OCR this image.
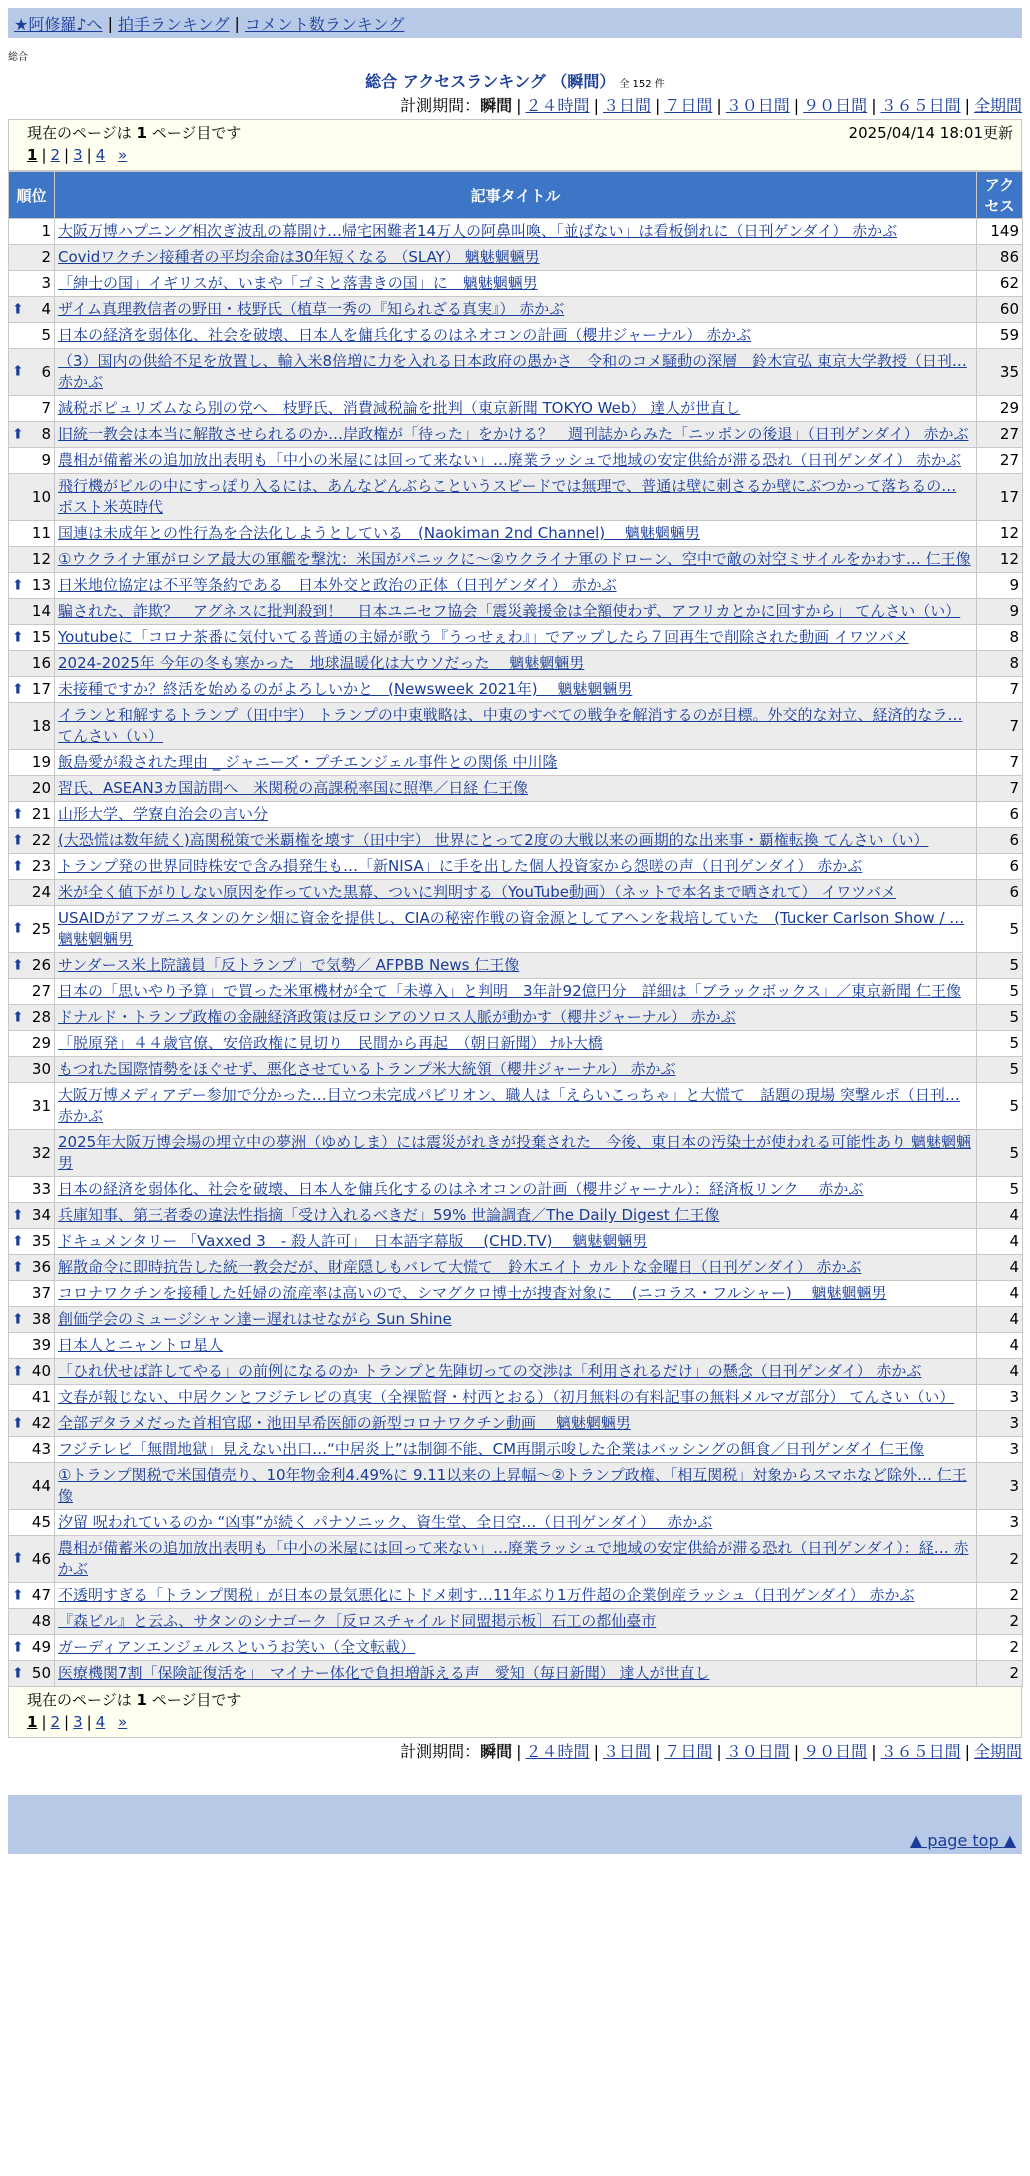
★阿修羅♪へ | 拍手ランキング | コメント数ランキング
総合
総合 アクセスランキング （瞬間） 全 152 件
計測期間：瞬間 | ２４時間 | ３日間 | ７日間 | ３０日間 | ９０日間 | ３６５日間 | 全期間
現在のページは 1 ページ目です	2025/04/14 18:01更新
1 | 2 | 3 | 4 »
順位	記事タイトル	アクセス
1	大阪万博ハプニング相次ぎ波乱の幕開け…帰宅困難者14万人の阿鼻叫喚、「並ばない」は看板倒れに（日刊ゲンダイ） 赤かぶ	149
2	Covidワクチン接種者の平均余命は30年短くなる （SLAY） 魑魅魍魎男	86
3	「紳士の国」イギリスが、いまや「ゴミと落書きの国」に　魑魅魍魎男	62

⬆ 4	ザイム真理教信者の野田・枝野氏（植草一秀の『知られざる真実』） 赤かぶ	60
5	日本の経済を弱体化、社会を破壊、日本人を傭兵化するのはネオコンの計画（櫻井ジャーナル） 赤かぶ	59

⬆ 6	（3）国内の供給不足を放置し、輸入米8倍増に力を入れる日本政府の愚かさ　令和のコメ騒動の深層　鈴木宣弘 東京大学教授（日刊… 赤かぶ	35
7	減税ポピュリズムなら別の党へ　枝野氏、消費減税論を批判（東京新聞 TOKYO Web） 達人が世直し	29

⬆ 8	旧統一教会は本当に解散させられるのか…岸政権が「待った」をかける？　週刊誌からみた「ニッポンの後退」（日刊ゲンダイ） 赤かぶ	27
9	農相が備蓄米の追加放出表明も「中小の米屋には回って来ない」…廃業ラッシュで地域の安定供給が滞る恐れ（日刊ゲンダイ） 赤かぶ	27
10	飛行機がビルの中にすっぽり入るには、あんなどんぶらこというスピードでは無理で、普通は壁に刺さるか壁にぶつかって落ちるの… ポスト米英時代	17
11	国連は未成年との性行為を合法化しようとしている　(Naokiman 2nd Channel)　 魑魅魍魎男	12
12	①ウクライナ軍がロシア最大の軍艦を撃沈：米国がパニックに～②ウクライナ軍のドローン、空中で敵の対空ミサイルをかわす… 仁王像	12

⬆ 13	日米地位協定は不平等条約である　日本外交と政治の正体（日刊ゲンダイ） 赤かぶ	9
14	騙された、詐欺？　アグネスに批判殺到！　日本ユニセフ協会「震災義援金は全額使わず、アフリカとかに回すから」 てんさい（い）	9

⬆ 15	Youtubeに「コロナ茶番に気付いてる普通の主婦が歌う『うっせぇわ』」でアップしたら７回再生で削除された動画 イワツバメ	8
16	2024-2025年 今年の冬も寒かった　地球温暖化は大ウソだった　 魑魅魍魎男	8

⬆ 17	未接種ですか？終活を始めるのがよろしいかと　(Newsweek 2021年)　 魑魅魍魎男	7
18	イランと和解するトランプ（田中宇） トランプの中東戦略は、中東のすべての戦争を解消するのが目標。外交的な対立、経済的なラ… てんさい（い）	7
19	飯島愛が殺された理由 _ ジャニーズ・プチエンジェル事件との関係 中川隆	7
20	習氏、ASEAN3カ国訪問へ　米関税の高課税率国に照準／日経 仁王像	7

⬆ 21	山形大学、学寮自治会の言い分	6

⬆ 22	(大恐慌は数年続く)高関税策で米覇権を壊す（田中宇） 世界にとって2度の大戦以来の画期的な出来事・覇権転換 てんさい（い）	6

⬆ 23	トランプ発の世界同時株安で含み損発生も…「新NISA」に手を出した個人投資家から怨嗟の声（日刊ゲンダイ） 赤かぶ	6
24	米が全く値下がりしない原因を作っていた黒幕、ついに判明する（YouTube動画）（ネットで本名まで晒されて） イワツバメ	6

⬆ 25	USAIDがアフガニスタンのケシ畑に資金を提供し、CIAの秘密作戦の資金源としてアヘンを栽培していた　(Tucker Carlson Show / … 魑魅魍魎男	5

⬆ 26	サンダース米上院議員「反トランプ」で気勢／ AFPBB News 仁王像	5
27	日本の「思いやり予算」で買った米軍機材が全て「未導入」と判明　3年計92億円分　詳細は「ブラックボックス」／東京新聞 仁王像	5

⬆ 28	ドナルド・トランプ政権の金融経済政策は反ロシアのソロス人脈が動かす（櫻井ジャーナル） 赤かぶ	5
29	「脱原発」４４歳官僚、安倍政権に見切り　民間から再起　（朝日新聞） ﾅﾙﾄ大橋	5
30	もつれた国際情勢をほぐせず、悪化させているトランプ米大統領（櫻井ジャーナル） 赤かぶ	5
31	大阪万博メディアデー参加で分かった…目立つ未完成パビリオン、職人は「えらいこっちゃ」と大慌て　話題の現場 突撃ルポ（日刊… 赤かぶ	5
32	2025年大阪万博会場の埋立中の夢洲（ゆめしま）には震災がれきが投棄された　今後、東日本の汚染土が使われる可能性あり 魑魅魍魎男	5
33	日本の経済を弱体化、社会を破壊、日本人を傭兵化するのはネオコンの計画（櫻井ジャーナル）：経済板リンク　 赤かぶ	5

⬆ 34	兵庫知事、第三者委の違法性指摘「受け入れるべきだ」59% 世論調査／The Daily Digest 仁王像	4

⬆ 35	ドキュメンタリー 「Vaxxed 3　- 殺人許可」　日本語字幕版　 (CHD.TV)　 魑魅魍魎男	4

⬆ 36	解散命令に即時抗告した統一教会だが、財産隠しもバレて大慌て　鈴木エイト カルトな金曜日（日刊ゲンダイ） 赤かぶ	4
37	コロナワクチンを接種した妊婦の流産率は高いので、シマグクロ博士が捜査対象に　 (ニコラス・フルシャー)　 魑魅魍魎男	4

⬆ 38	創価学会のミュージシャン達ー遅れはせながら Sun Shine	4
39	日本人とニャントロ星人	4

⬆ 40	「ひれ伏せば許してやる」の前例になるのか トランプと先陣切っての交渉は「利用されるだけ」の懸念（日刊ゲンダイ） 赤かぶ	4
41	文春が報じない、中居クンとフジテレビの真実（全裸監督・村西とおる）（初月無料の有料記事の無料メルマガ部分） てんさい（い）	3

⬆ 42	全部デタラメだった首相官邸・池田早希医師の新型コロナワクチン動画　 魑魅魍魎男	3
43	フジテレビ「無間地獄」見えない出口…“中居炎上”は制御不能、CM再開示唆した企業はバッシングの餌食／日刊ゲンダイ 仁王像	3
44	①トランプ関税で米国債売り、10年物金利4.49%に 9.11以来の上昇幅～②トランプ政権、「相互関税」対象からスマホなど除外… 仁王像	3
45	汐留 呪われているのか “凶事”が続く パナソニック、資生堂、全日空…（日刊ゲンダイ）　 赤かぶ	3

⬆ 46	農相が備蓄米の追加放出表明も「中小の米屋には回って来ない」…廃業ラッシュで地域の安定供給が滞る恐れ（日刊ゲンダイ）：経… 赤かぶ	2

⬆ 47	不透明すぎる「トランプ関税」が日本の景気悪化にトドメ刺す…11年ぶり1万件超の企業倒産ラッシュ（日刊ゲンダイ） 赤かぶ	2
48	『森ビル』と云ふ、サタンのシナゴーク［反ロスチャイルド同盟掲示板］石工の都仙臺市	2

⬆ 49	ガーディアンエンジェルスというお笑い（全文転載）	2

⬆ 50	医療機関7割「保険証復活を」　マイナー体化で負担増訴える声　愛知（毎日新聞） 達人が世直し	2
現在のページは 1 ページ目です
1 | 2 | 3 | 4 »
計測期間：瞬間 | ２４時間 | ３日間 | ７日間 | ３０日間 | ９０日間 | ３６５日間 | 全期間
▲ page top ▲
